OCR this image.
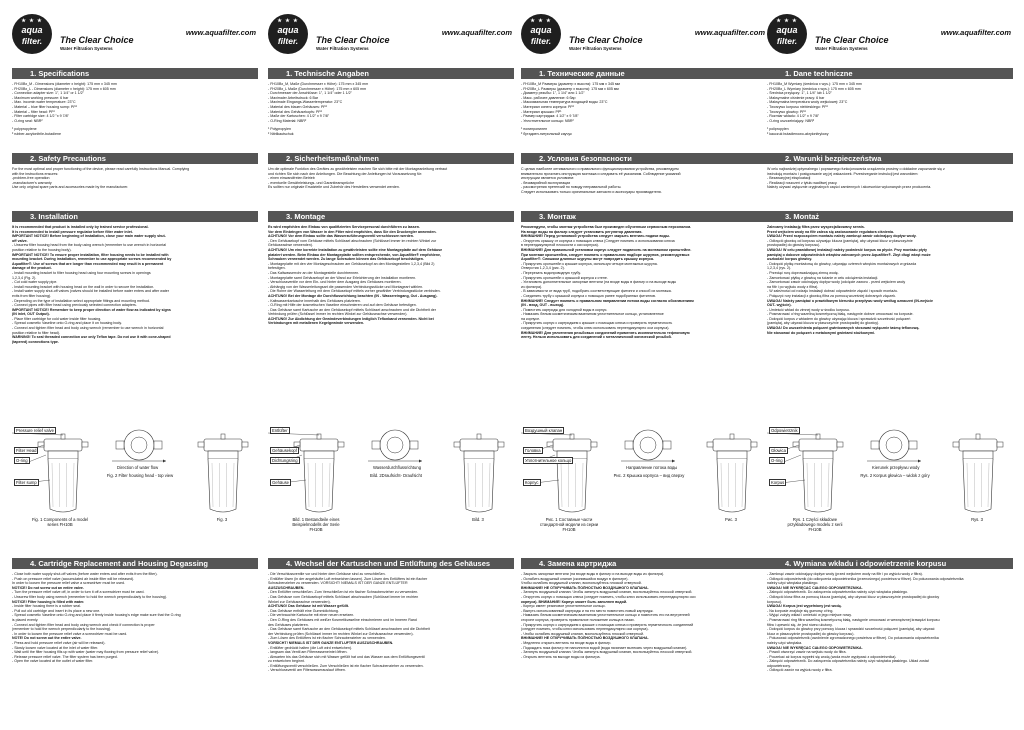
★ ★ ★
aqua
filter.	The Clear Choice
Water Filtration Systems
www.aquafilter.com
1. Specifications
- FH10Bx_M - Dimensions (diameter x height): 175 mm x 345 mm
- FH20Bx_L - Dimensions (diameter x height): 175 mm x 605 mm
- Connection adapter size: 1", 1 1/4" or 1 1/2"
- Maximum working pressure: 6 bar
- Max. incomin water temperature: 23°C
- Material – blue filter housing sump: PP¹
- Material – filter head: PP¹
- Filter cartridge size: 4 1/2 "x 9 7/8"
- O-ring seal: NBR²
¹ polypropylene
² rubber-acrylonitrile-butadiene
2. Safety Precautions
For the most optimal and proper functioning of the device, please read carefully Instructions Manual. Complying
with the instructions ensures:
-problem-free operation
-manufacturer's warranty
Use only original spare parts and accessories made by the manufacturer.
3. Installation
It is recommended that product is installed only by trained service professional.
It is recommended to install pressure regulator before filter water inlet.
IMPORTANT NOTICE! Before beginning of installation, close your main water supply shut-
off valve.
- Unscrew filter housing head from the body using wrench (remember to use wrench in horizontal
position relative to the housing body).
IMPORTANT NOTICE! To ensure proper installation, filter housing needs to be installed with
mounting bracket. During installation, remember to use appropriate screws recommended by
Aquafilter®. Use of screws that are longer than recommended may result in a permanent
damage of the product.
- Install mounting bracket to filter housing head using four mounting screws in openings
1,2,3,4 (Fig. 2).
- Cut cold water supply pipe.
- Install mounting bracket with housing head on the wall in order to secure the installation.
- Install water supply shut-off valves (valves should be installed before water enters and after water
exits from filter housing).
- Depending on the type of installation select appropriate fittings and mounting method.
- Connect pipes with filter head using previously selected connection adapters.
IMPORTANT NOTICE! Remember to keep proper direction of water flow as indicated by signs
(IN inlet, OUT Output).
- Place filter cartridge for cold water inside filter housing.
- Spread cosmetic Vaseline onto O-ring and place it on housing body.
- Connect and tighten filter head and body using wrench (remember to use wrench in horizontal
position relative to filter head).
WARNING! To seal threaded connection use only Teflon tape. Do not use it with cone-shaped
(tapered) connections type.
4. Cartridge Replacement and Housing Degassing
- Close both water supply shut-off valves (before water enters and after exits from the filter).
- Push on pressure relief valve (accumulated air inside filter will be released).
In order to loosen the pressure relief valve a screwdriver must be used.
NOTICE! Do not screw out an entire valve.
- Turn the pressure relief valve off, in order to turn it off a screwdriver must be used.
- Unscrew filter body using wrench (remember to hold the wrench perpendicularly to the housing).
NOTICE! Filter housing is filled with water.
- Inside filter housing there is a rubber seal.
- Pull out old cartridge and insert in its place a new one.
- Spread cosmetic Vaseline onto O-ring and place it firmly inside housing's edge make sure that the O-ring
is placed evenly.
- Connect and tighten filter head and body using wrench and check if connection is proper
(remember to hold the wrench perpendicularly to the housing).
- In order to loosen the pressure relief valve a screwdriver must be used.
NOTE! Do not screw out the entire valve.
- Press and hold pressure relief valve (air will be released).
- Slowly loosen valve located at the inlet of water filter.
- Wait until the filter housing fills up with water (water may flowing from pressure relief valve).
- Release pressure relief valve. The filter system has been purged.
- Open the valve located at the outlet of water filter.
Pressure relief valve
Filter Head
O-ring
Filter sump
Direction of water flow
Fig. 1 Components of a model series FH10B
Fig. 2 Filter housing head - top view
Fig. 3
★ ★ ★
aqua
filter.	The Clear Choice
Water Filtration Systems
www.aquafilter.com
1. Technische Angaben
- FH10Bx_M, Maße (Durchmesser x Höhe): 175 mm x 345 mm
- FH20Bx_L Maße (Durchmesser x Höhe): 175 mm x 605 mm
- Durchmesser der Anschlüsse: 1", 1 1/4" oder 1 1/2"
- Maximaler Arbeitsdruck: 6 Bar
- Maximale Eingangs-Wassertemperatur: 23°C
- Material des blauen Gehäuses: PP¹
- Material des Gehäusekopfs: PP¹
- Maße der Kartuschen: 4 1/2" x 9 7/8"
- O-Ring Material: NBR²
¹ Polypropylen
² Nitrilkautschuk
2. Sicherheitsmaßnahmen
Um die optimale Funktion des Gerätes zu gewährleisten machen Sie sich bitte mit der Montageanleitung vertraut
und richten Sie sich nach den Anleitungen. Die Beachtung der Anleitungen ist Voraussetzung für:
- einen einwandfreien Betrieb
- eventuelle Gewährleistungs- und Garantieansprüche
Es sollten nur originale Ersatzteile und Zubehör des Herstellers verwendet werden.
3. Montage
Es wird empfohlen den Einbau von qualifizierten Servicepersonal durchführen zu lassen.
Vor dem Einbringen von Wasser in den Filter wird empfohlen, dass Sie den Druckregler anwenden.
ACHTUNG! Vor dem Einbau sollte das Wasserzuführungsventil verschlossen werden.
- Den Gehäusekopf vom Gehäuse mittels Schlüssel abschrauben (Schlüssel immer im rechten Winkel zur
Gehäuseachse verwenden).
ACHTUNG! Um eine korrekte Installation zu gewährleisten sollte eine Montageplatte auf dem Gehäuse
platziert werden. Beim Einbau der Montageplatte sollten entsprechende, von Aquafilter® empfohlene,
Schrauben verwendet werden. Zu lange Schrauben können das Gehäusekopf beschädigen.
- Montageplatte mit den vier Montageschrauben am Gehäusekopf an den Montagestellen 1,2,3,4 (Bild 2)
befestigen.
- Das Kaltwasserrohr an der Montagestelle durchtrennen.
- Montageplatte samt Gehäusekopf an der Wand zur Erleichterung der Installation montieren.
- Verschlussventile vor dem Ein- und hinter dem Ausgang des Gehäuses montieren.
- Abhängig von der Wasserleitungsart die passenden Verbindungsstücke und Montageart wählen.
- Die Rohre der Wasserleitung mit dem Gehäusekopf mittels vorher gewählter Verbindungsstücke verbinden.
ACHTUNG! Bei der Montage die Durchflussrichtung beachten (IN - Wassereingang, Out - Ausgang).
- Kaltwasserkartusche innerhalb des Gehäuses platzieren.
- O-Ring mit Hilfe der kosmetischen Vaseline einschmieren und auf dem Gehäuse befestigen.
- Das Gehäuse samt Kartusche an den Gehäusekopf mittels Schlüssel anschrauben und die Dichtheit der
Verbindung prüfen (Schlüssel immer im rechten Winkel zur Gehäuseachse verwenden).
ACHTUNG! Zur Abdichtung der Gewindeverbindungen lediglich Teflonband verwenden. Nicht bei
Verbindungen mit metallenen Kegelgewinde verwenden.
4. Wechsel der Kartuschen und Entlüftung des Gehäuses
- Die Verschlussventile vor und hinter dem Gehäuse sind zu verschließen.
- Entlüfter lösen (in der angehäufte Luft entweichen lassen). Zum Lösen des Entlüfters ist ein flacher
Schraubenzieher zu verwenden. VORSICHT! NIEMALS IST DER GANZE ENTLÜFTER
AUSZUSCHRAUBEN.
- Den Entlüfter verschließen. Zum Verschließen ist ein flacher Schraubenzieher zu verwenden.
- Das Gehäuse vom Gehäusekopf mittels Schlüssel abschrauben (Schlüssel immer im rechten
Winkel zur Gehäuseachse verwenden).
ACHTUNG! Das Gehäuse ist mit Wasser gefüllt.
- Das Gehäuse enthält eine Gummidichtung.
- Die verbrauchte Kartusche mit einer neuen ersetzen.
- Den O-Ring des Gehäuses mit weißer Kosmetikvaseline einschmieren und im Inneren Rand
des Gehäuses platzieren.
- Das Gehäuse samt Kartusche an den Gehäusekopf mittels Schlüssel anschrauben und die Dichtheit
der Verbindung prüfen (Schlüssel immer im rechten Winkel zur Gehäuseachse verwenden).
- Zum Lösen des Entlüfters ist ein flacher Schraubenzieher zu verwenden.
VORSICHT! NIEMALS IST DER GANZE ENTLÜFTER AUSZUSCHRAUBEN.
- Entlüfter gedrückt halten (die Luft wird entweichen).
- langsam das Ventil am Filtereasseneintel öffnen.
- Abwarten bis das Gehäuse sich mit Wasser gefüllt hat und das Wasser aus dem Entlüftungsventil
zu entweichen beginnt.
- Entlüftungsventil verschließen. Zum Verschließen ist ein flacher Schraubenzieher zu verwenden.
- Verschlussventil am Filterwasserauslauf öffnen.
Entlüfter
Gehäusekopf
Dichtungsring
Gehäuse
Wasserdurchflussrichtung
Bild. 1 Bestandteile eines Beispielmodells der Serie FH10B
Bild. 2Draufsicht- Draufsicht
Bild. 3
★ ★ ★
aqua
filter.	The Clear Choice
Water Filtration Systems
www.aquafilter.com
1. Технические данные
- FH10Bx_M Размеры (диаметр x высота): 175 мм x 345 мм
- FH20Bx_L Размеры (диаметр x высота): 175 мм x 605 мм
- Диаметр резьбы: 1", 1 1/4" или 1 1/2"
- Макс. рабочее давление: 6 бар
- Максимальная температура входящей воды: 23°C
- Материал синего корпуса: PP¹
- Материал крышки: PP¹
- Размер картриджа: 4 1/2" x 9 7/8"
- Уплотнительное кольцо: NBR²
¹ полипропилен
² бутадиен-нитрильный каучук
2. Условия безопасности
С целью наиболее оптимального и правильного функционирования устройства, рекомендуем
внимательно прочитать инструкцию монтажа и следовать её указаниям. Соблюдение указаний
инструкции является условием:
- безаварийной эксплуатации
- рассмотрения претензий по поводу неправильной работы.
Следует использовать только оригинальные запчасти и аксессуары производителя.
3. Монтаж
Рекомендуем, чтобы монтаж устройства был произведен обученным сервисным персоналом.
На входе воды на фильтр следует установить регулятор давления.
ВНИМАНИЕ! Перед установкой устройства следует закрыть вентиль подачи воды.
- Открутить крышку от корпуса с помощью ключа (Следует помнить о использовании ключа
в перпендикулярной плоскости к оси корпуса).
ВНИМАНИЕ! Для правильной установки корпус следует подвесить на монтажном кронштейне.
При монтаже кронштейна, следует помнить о правильном подборе шурупов, рекомендуемых
Aquafilter®. Слишком длинные шурупы могут повредить крышку корпуса.
- Прикрутить кронштейн к крышке корпуса, используя четыре монтажных шурупа.
Отверстия 1,2,3,4 (рис. 2).
- Перерезать водопроводную трубу.
- Прикрутить кронштейн с крышкой корпуса к стене.
- Установить дополнительные запорные вентили (на входе воды в фильтр и на выходе воды
из фильтра).
- В зависимости от вида труб, подобрать соответствующие фитинги и способ их монтажа.
- Соединить трубу с крышкой корпуса с помощью ранее подобранных фитингов.
ВНИМАНИЕ! Следует помнить о правильном направлении потока воды согласно обозначениям
(IN - вход, OUT - выход).
- Поместить картридж для холодной воды в корпус.
- Намазать белым косметическим вазелином уплотнительное кольцо, установленное
на корпусе.
- Прикрутить корпус с картриджем к крышке с помощью ключа и проверить герметичность
соединения (следует помнить, чтобы ключ использовать перпендикулярно оси корпуса).
ВНИМАНИЕ! Для уплотнения резьбовых соединений применять исключительно тефлоновую
ленту. Нельзя использовать для соединений с металлической конической резьбой.
4. Замена картриджа
- Закрыть запорные вентили (на входе воды в фильтр и на выходе воды из фильтра).
- Ослабить воздушный клапан (скопившийся воздух в фильтре).
Чтобы ослабить воздушный клапан, воспользуйтесь плоской отверткой.
ВНИМАНИЕ! НЕ ОТКРУЧИВАТЬ ПОЛНОСТЬЮ ВОЗДУШНОГО КЛАПАНА.
- Затянуть воздушный клапан. Чтобы затянуть воздушный клапан, воспользуйтесь плоской отверткой.
- Открутить корпус с помощью ключа (следует помнить, чтобы ключ использовать перпендикулярно оси
корпуса). ВНИМАНИЕ! Корпус может быть заполнен водой.
- Корпус имеет резиновое уплотнительное кольцо.
- Вынуть использованный картридж и на его место поместить новый картридж.
- Намазать белым косметическим вазелином уплотнительное кольцо и поместить его на внутренней
стороне корпуса, проверить правильное положение кольца в пазах.
- Прикрутить корпус с картриджем к крышке с помощью ключа и проверить герметичность соединений
(следует помнить, чтобы ключ использовать перпендикулярно оси корпуса).
- Чтобы ослабить воздушный клапан, воспользуйтесь плоской отверткой.
ВНИМАНИЕ! НЕ ОТКРУЧИВАТЬ ПОЛНОСТЬЮ ВОЗДУШНОГО КЛАПАНА.
- Медленно открыть вентиль на входе воды в фильтр.
- Подождать пока фильтр не наполнится водой (вода начинает вытекать через воздушный клапан).
- Затянуть воздушный клапан. Чтобы затянуть воздушный клапан, воспользуйтесь плоской отверткой.
- Открыть вентиль на выходе воды из фильтра.
Воздушный клапан
Головка
Уплотнительное кольцо
Корпус
Направление потока воды
Рис. 1 Составные части стандартной модели из серии FH10B
Рис. 2 Крышка корпуса – вид сверху
Рис. 3
★ ★ ★
aqua
filter.	The Clear Choice
Water Filtration Systems
www.aquafilter.com
1. Dane techniczne
- FH10Bx_M Wymiary (średnica x wys.): 175 mm x 345 mm
- FH20Bx_L Wymiary (średnica x wys.): 175 mm x 605 mm
- Średnica przyłączy: 1", 1 1/4" lub 1 1/2"
- Maksymalne ciśnienie pracy: 6 bar
- Maksymalna temperatura wody wejściowej: 23°C
- Tworzywo korpusu niebieskiego: PP¹
- Tworzywo głowicy: PP¹
- Rozmiar wkładu: 4 1/2" x 9 7/8"
- O-ring uszczelniający: NBR²
¹ polipropylen
² kauczuk butadienowo-akrylonitrylowy
2. Warunki bezpieczeństwa
W celu najbardziej optymalnego i poprawnego funkcjonowania urządzenia prosimy o dokładne zapoznanie się z
instrukcją montażu i postępowanie wg jej wskazówek. Przestrzeganie instrukcji jest warunkiem:
- Bezawaryjnej eksploatacji
- Realizacji roszczeń z tytułu wadliwej pracy.
Należy używać wyłącznie oryginalnych części zamiennych i akcesoriów wykonanych przez producenta.
3. Montaż
Zalecamy instalację filtra przez wyspecjalizowany serwis.
Przed wejściem wody na filtr zaleca się zastosowanie regulatora ciśnienia.
UWAGA! Przed rozpoczęciem montażu należy zamknąć zawór odcinający dopływ wody.
- Odkręcić głowicę od korpusu używając klucza (pamiętaj, aby używać klucz w płaszczyźnie
prostopadłej do głowicy korpusu).
UWAGA! W celu prawidłowej instalacji należy podwiesić korpus na płycie. Przy montażu płyty
pamiętaj o doborze odpowiednich wkrętów zalecanych przez Aquafilter®. Zbyt długi wkręt może
uszkodzić korpus głowicy.
- Dokręcić płytkę montażową do głowicy, używając czterech wkrętów montażowych w gniazda
1,2,3,4 (rys. 2).
- Przeciąć rurę doprowadzającą zimną wodę.
- Zamontować płytkę z głowicą na ścianie w celu odciążenia instalacji.
- Zamontować zawór odcinający dopływ wody (odcięcie zaworu - przed wejściem wody
na filtr i po wyjściu wody z filtra).
- W zależności od rodzaju instalacji dobrać odpowiednie złączki i sposób montażu.
- Połączyć rury instalacji z głowicą filtra za pomocą wcześniej dobranych złączek.
UWAGA! Należy pamiętać o prawidłowym kierunku przepływu wody według oznaczeń (IN-wejście
OUT- wyjście).
- Umieścić wkład do zimnej wody w środku korpusu.
- Posmarować o'ring wazeliną kosmetyczną białą, następnie dobrze umocować na korpusie.
- Dokręcić korpus z wkładem do głowicy używając klucza i sprawdzić szczelność połączeń
(pamiętaj, aby używać klucza w płaszczyźnie prostopadłej do głowicy).
UWAGA! Do uszczelnienia połączeń gwintowanych stosować wyłącznie taśmę teflonową.
Nie stosować do połączeń z metalowymi gwintami stożkowymi.
4. Wymiana wkładu i odpowietrzenie korpusu
- Zamknąć zawór odcinający dopływ wody (przed wejściem wody na filtr i po wyjściu wody z filtra).
- Odkręcić odpowietrznik (do odkręcenia odpowietrznika (przenośnego) powietrza w filtrze). Do poluzowania odpowietrznika
należy użyć wkrętaka płaskiego.
UWAGA! NIE WYKRĘCAĆ CAŁEGO ODPOWIETRZNIKA.
- Zakręcić odpowietrznik. Do zakręcenia odpowietrznika należy użyć wkrętaka płaskiego.
- Odkręcić klosz filtra za pomocą klucza (pamiętaj, aby używać klucz w płaszczyźnie prostopadłej do głowicy
korpusu).
UWAGA! Korpus jest wypełniony jest wodą.
- Na korpusie znajduje się gumowy o'ring.
- Wyjąć zużyty wkład i umieścić w jego miejsce nowy.
- Posmarować ring filtra wazeliną kosmetyczną białą, następnie umocować w wewnętrznej krawędzi korpusu
filtra i upewnić się, że jest równo ułożony.
- Dokręcić korpus do głowicy przy pomocy klucza i sprawdzić szczelność połączeń (pamiętaj, aby używać
klucz w płaszczyźnie prostopadłej do głowicy korpusu).
- Poluzować odpowietrznik (uwolnienie zgromadzonego powietrza w filtrze). Do poluzowania odpowietrznika
należy użyć wkrętaka.
UWAGA! NIE WYKRĘCAĆ CAŁEGO ODPOWIETRZNIKA.
- Powoli otworzyć zawór na wejściu wody do filtra.
- Poczekać aż korpus wypełni się wodą (woda może wypływać z odpowietrznika).
- Zakręcić odpowietrznik. Do zakręcenia odpowietrznika należy użyć wkrętaka płaskiego. Układ został
odpowietrzony.
- Odkręcić zawór na wyjściu wody z filtra.
Odpowietrznik
Głowica
O-ring
Korpus
Kierunek przepływu wody
Rys. 1 Części składowe przykładowego modelu z serii FH10B
Rys. 2 Korpus głowica – widok z góry
Rys. 3
